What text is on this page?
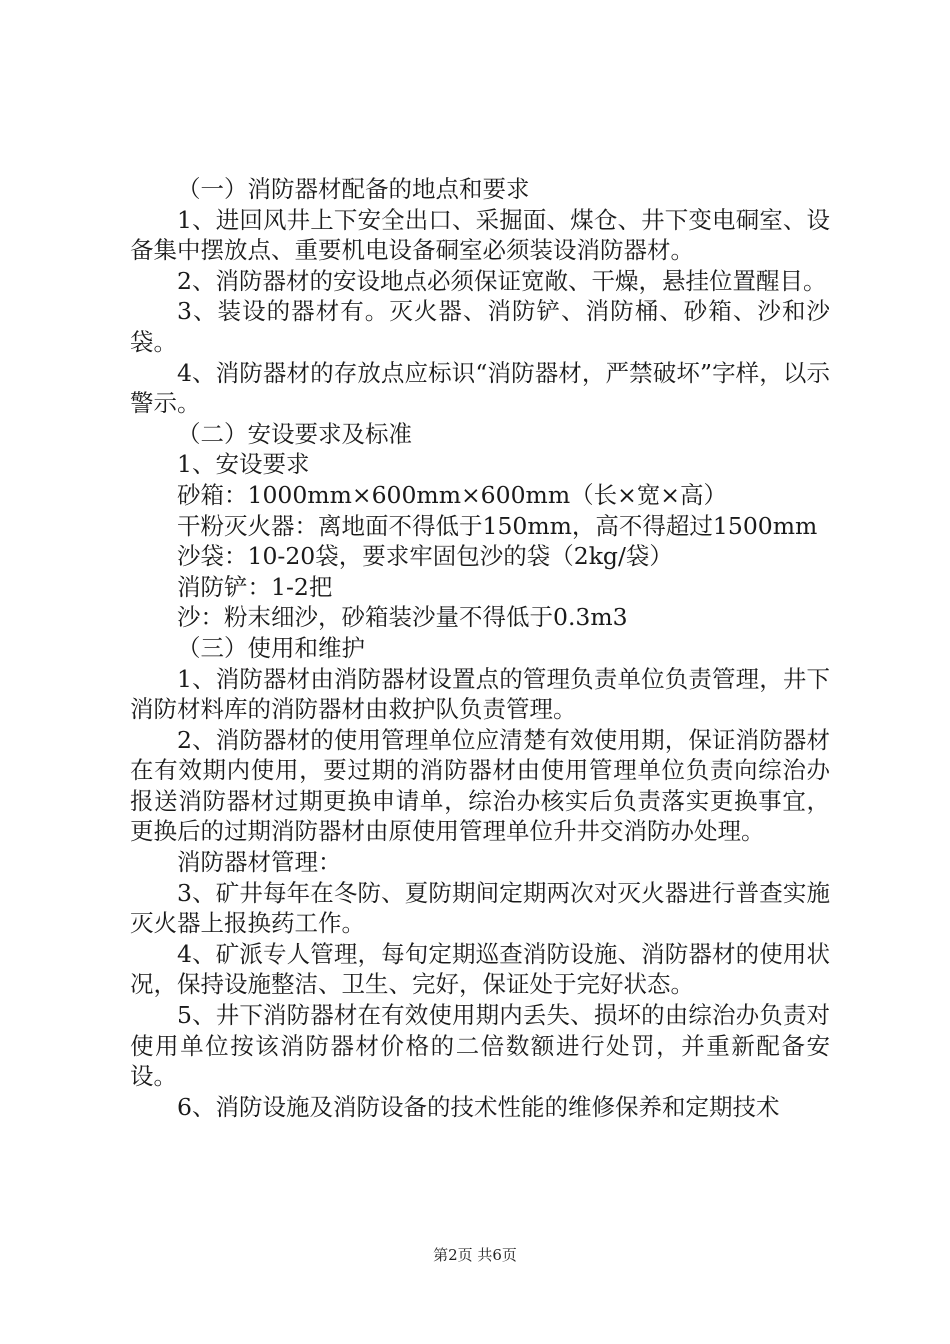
（一）消防器材配备的地点和要求

1、进回风井上下安全出口、采掘面、煤仓、井下变电硐室、设备集中摆放点、重要机电设备硐室必须装设消防器材。

2、消防器材的安设地点必须保证宽敞、干燥，悬挂位置醒目。

3、装设的器材有。灭火器、消防铲、消防桶、砂箱、沙和沙袋。

4、消防器材的存放点应标识“消防器材，严禁破坏”字样，以示警示。

（二）安设要求及标准

1、安设要求

砂箱：1000mm×600mm×600mm（长×宽×高）

干粉灭火器：离地面不得低于150mm，高不得超过1500mm

沙袋：10-20袋，要求牢固包沙的袋（2kg/袋）

消防铲：1-2把

沙：粉末细沙，砂箱装沙量不得低于0.3m3

（三）使用和维护

1、消防器材由消防器材设置点的管理负责单位负责管理，井下消防材料库的消防器材由救护队负责管理。

2、消防器材的使用管理单位应清楚有效使用期，保证消防器材在有效期内使用，要过期的消防器材由使用管理单位负责向综治办报送消防器材过期更换申请单，综治办核实后负责落实更换事宜，更换后的过期消防器材由原使用管理单位升井交消防办处理。

消防器材管理：

3、矿井每年在冬防、夏防期间定期两次对灭火器进行普查实施灭火器上报换药工作。

4、矿派专人管理，每旬定期巡查消防设施、消防器材的使用状况，保持设施整洁、卫生、完好，保证处于完好状态。

5、井下消防器材在有效使用期内丢失、损坏的由综治办负责对使用单位按该消防器材价格的二倍数额进行处罚，并重新配备安设。

6、消防设施及消防设备的技术性能的维修保养和定期技术

第2页 共6页
